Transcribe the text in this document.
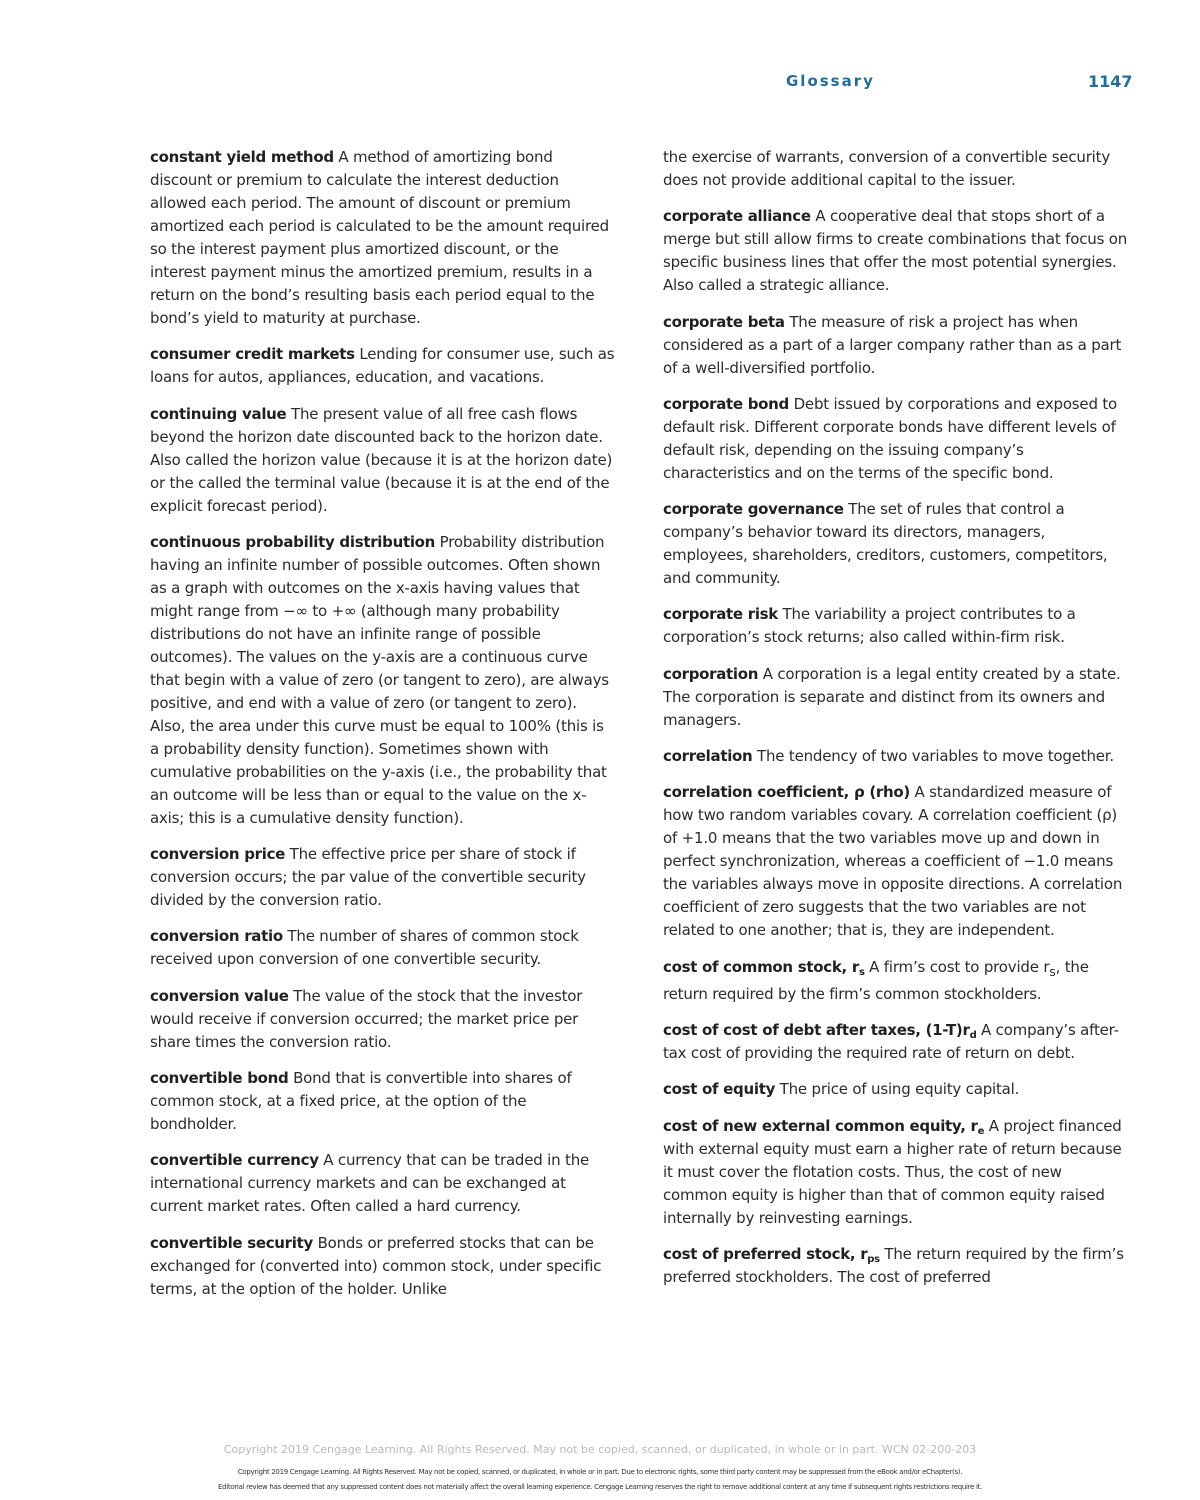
Glossary	1147

constant yield method A method of amortizing bond discount or premium to calculate the interest deduction allowed each period. The amount of discount or premium amortized each period is calculated to be the amount required so the interest payment plus amortized discount, or the interest payment minus the amortized premium, results in a return on the bond’s resulting basis each period equal to the bond’s yield to maturity at purchase.

consumer credit markets Lending for consumer use, such as loans for autos, appliances, education, and vacations.

continuing value The present value of all free cash flows beyond the horizon date discounted back to the horizon date. Also called the horizon value (because it is at the horizon date) or the called the terminal value (because it is at the end of the explicit forecast period).

continuous probability distribution Probability distribution having an infinite number of possible outcomes. Often shown as a graph with outcomes on the x-axis having values that might range from −∞ to +∞ (although many probability distributions do not have an infinite range of possible outcomes). The values on the y-axis are a continuous curve that begin with a value of zero (or tangent to zero), are always positive, and end with a value of zero (or tangent to zero). Also, the area under this curve must be equal to 100% (this is a probability density function). Sometimes shown with cumulative probabilities on the y-axis (i.e., the probability that an outcome will be less than or equal to the value on the x-axis; this is a cumulative density function).

conversion price The effective price per share of stock if conversion occurs; the par value of the convertible security divided by the conversion ratio.

conversion ratio The number of shares of common stock received upon conversion of one convertible security.

conversion value The value of the stock that the investor would receive if conversion occurred; the market price per share times the conversion ratio.

convertible bond Bond that is convertible into shares of common stock, at a fixed price, at the option of the bondholder.

convertible currency A currency that can be traded in the international currency markets and can be exchanged at current market rates. Often called a hard currency.

convertible security Bonds or preferred stocks that can be exchanged for (converted into) common stock, under specific terms, at the option of the holder. Unlike

the exercise of warrants, conversion of a convertible security does not provide additional capital to the issuer.

corporate alliance A cooperative deal that stops short of a merge but still allow firms to create combinations that focus on specific business lines that offer the most potential synergies. Also called a strategic alliance.

corporate beta The measure of risk a project has when considered as a part of a larger company rather than as a part of a well-diversified portfolio.

corporate bond Debt issued by corporations and exposed to default risk. Different corporate bonds have different levels of default risk, depending on the issuing company’s characteristics and on the terms of the specific bond.

corporate governance The set of rules that control a company’s behavior toward its directors, managers, employees, shareholders, creditors, customers, competitors, and community.

corporate risk The variability a project contributes to a corporation’s stock returns; also called within-firm risk.

corporation A corporation is a legal entity created by a state. The corporation is separate and distinct from its owners and managers.

correlation The tendency of two variables to move together.

correlation coefficient, ρ (rho) A standardized measure of how two random variables covary. A correlation coefficient (ρ) of +1.0 means that the two variables move up and down in perfect synchronization, whereas a coefficient of −1.0 means the variables always move in opposite directions. A correlation coefficient of zero suggests that the two variables are not related to one another; that is, they are independent.

cost of common stock, $r_s$ A firm’s cost to provide $r_s$, the return required by the firm’s common stockholders.

cost of cost of debt after taxes, $(1-T)r_d$ A company’s after-tax cost of providing the required rate of return on debt.

cost of equity The price of using equity capital.

cost of new external common equity, $r_e$ A project financed with external equity must earn a higher rate of return because it must cover the flotation costs. Thus, the cost of new common equity is higher than that of common equity raised internally by reinvesting earnings.

cost of preferred stock, $r_{ps}$ The return required by the firm’s preferred stockholders. The cost of preferred

Copyright 2019 Cengage Learning. All Rights Reserved. May not be copied, scanned, or duplicated, in whole or in part. WCN 02-200-203
Copyright 2019 Cengage Learning. All Rights Reserved. May not be copied, scanned, or duplicated, in whole or in part. Due to electronic rights, some third party content may be suppressed from the eBook and/or eChapter(s).
Editorial review has deemed that any suppressed content does not materially affect the overall learning experience. Cengage Learning reserves the right to remove additional content at any time if subsequent rights restrictions require it.
